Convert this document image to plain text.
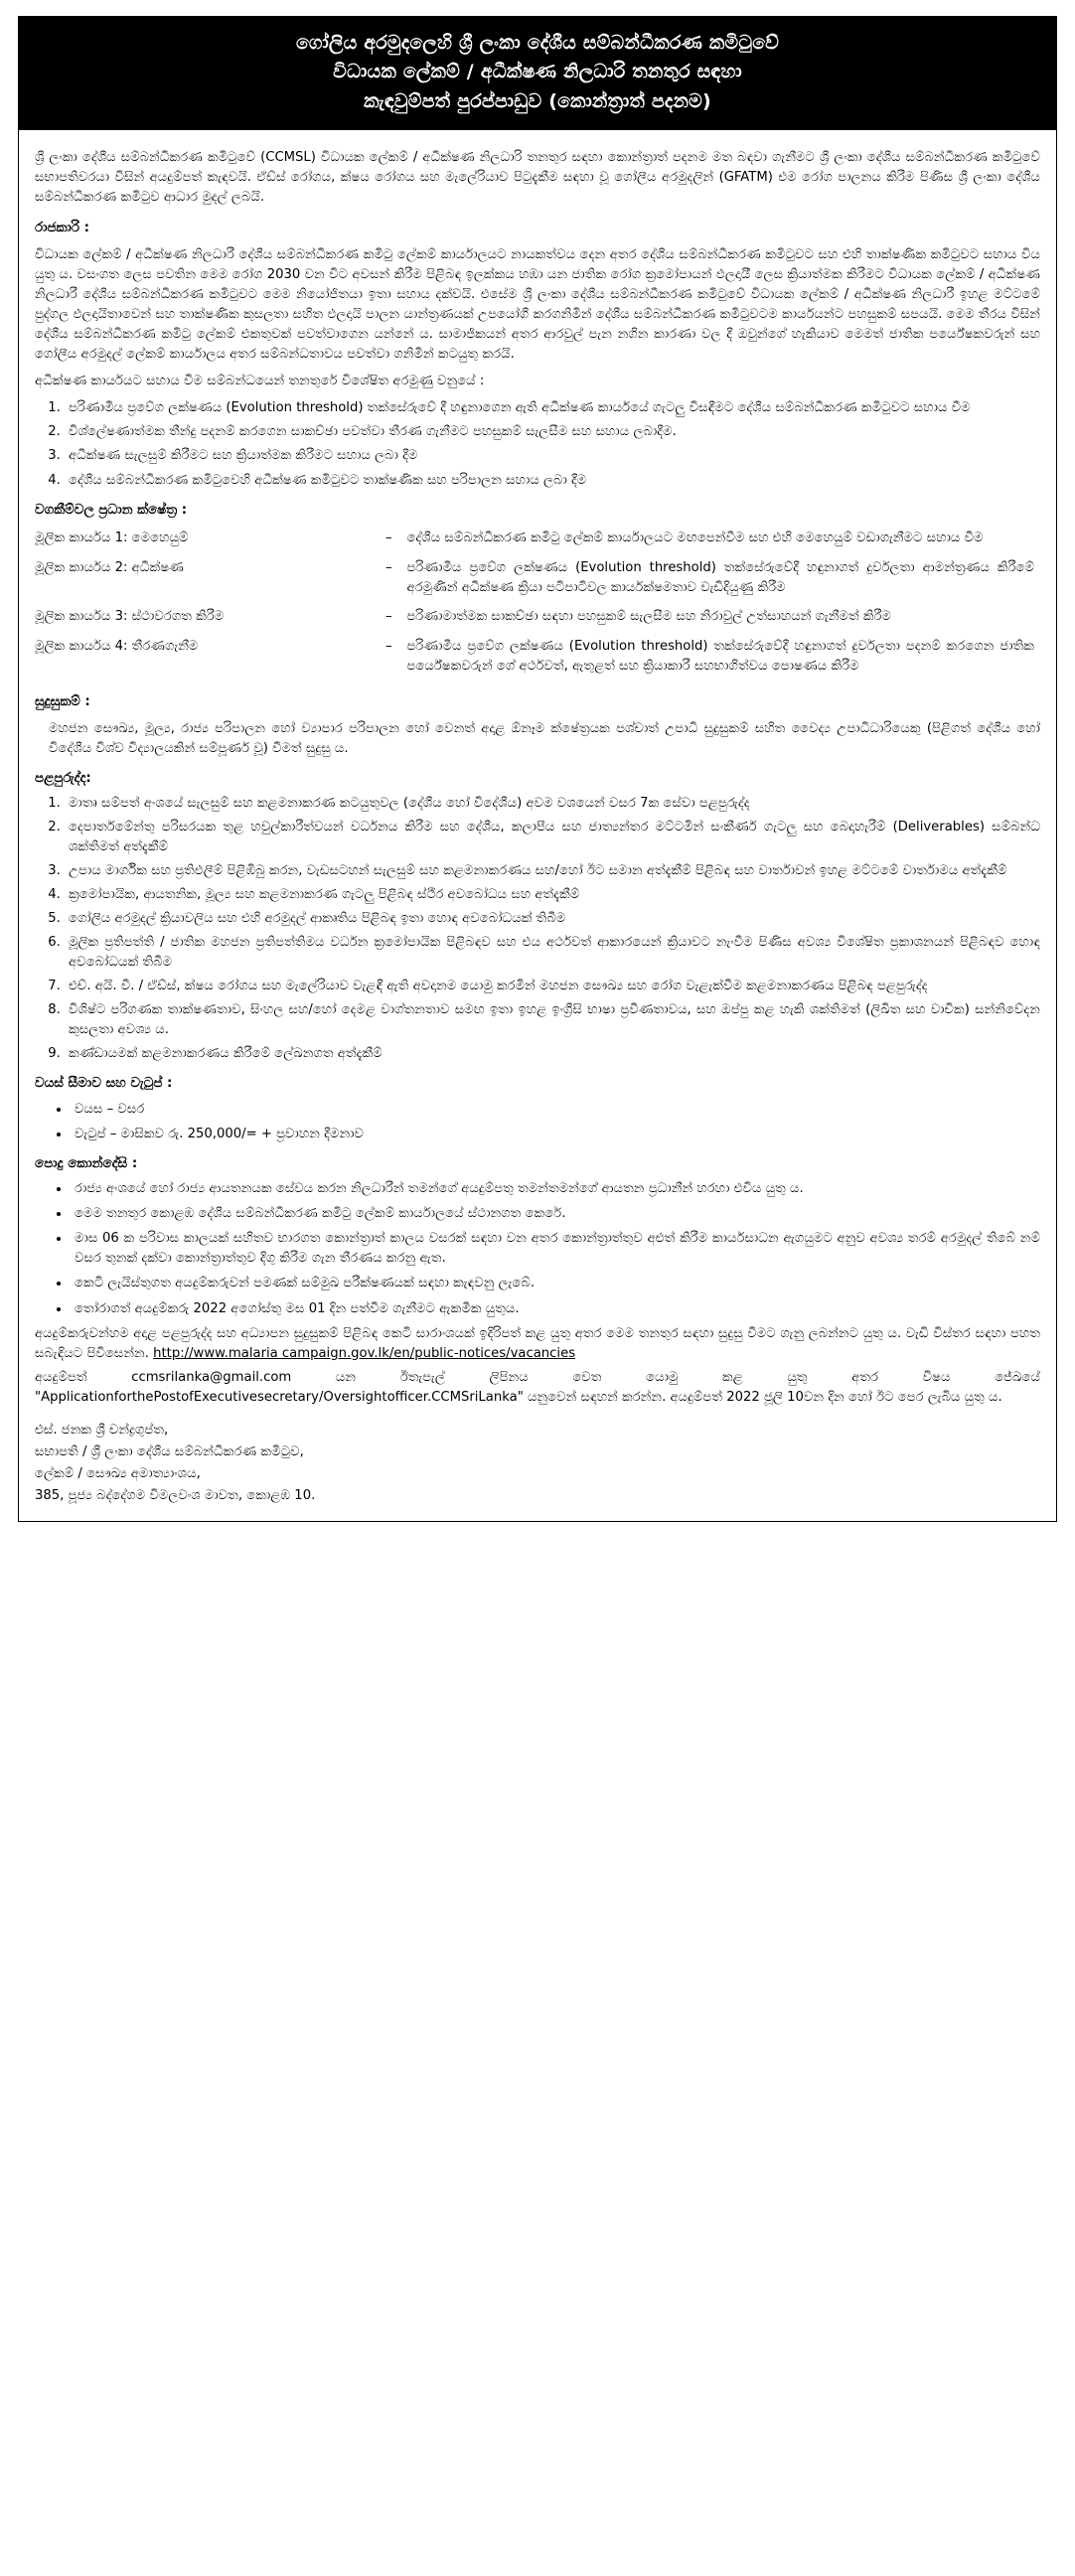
ගෝලිය අරමුදලෙහි ශ්‍රී ලංකා දේශීය සම්බන්ධීකරණ කමිටුවේ
විධායක ලේකම් / අධීක්ෂණ නිලධාරි තනතුර සඳහා
කැඳවුම්පත් පුරප්පාඩුව (කොන්ත්‍රාත් පදනම)

ශ්‍රී ලංකා දේශීය සම්බන්ධීකරණ කමිටුවේ (CCMSL) විධායක ලේකම් / අධීක්ෂණ නිලධාරි තනතුර සඳහා කොන්ත්‍රාත් පදනම මත බඳවා ගැනීමට ශ්‍රී ලංකා දේශීය සම්බන්ධීකරණ කමිටුවේ සභාපතිවරයා විසින් අයදුම්පත් කැඳවයි. ඒඩ්ස් රෝගය, ක්ෂය රෝගය සහ මැලේරියාව පිටුදැකීම සඳහා වූ ගෝලීය අරමුදලින් (GFATM) එම රෝග පාලනය කිරීම පිණිස ශ්‍රී ලංකා දේශීය සම්බන්ධීකරණ කමිටුව ආධාර මුදල් ලබයි.

රාජකාරි :

විධායක ලේකම් / අධීක්ෂණ නිලධාරී දේශීය සම්බන්ධීකරණ කමිටු ලේකම් කාර්යාලයට නායකත්වය දෙන අතර දේශීය සම්බන්ධීකරණ කමිටුවට සහ එහි තාක්ෂණික කමිටුවට සහාය විය යුතු ය. වසංගත ලෙස පවතින මෙම රෝග 2030 වන විට අවසන් කිරීම පිළිබඳ ඉලක්කය හඹා යන ජාතික රෝග ක්‍රමෝපායන් ඵලදායී ලෙස ක්‍රියාත්මක කිරීමට විධායක ලේකම් / අධීක්ෂණ නිලධාරී දේශීය සම්බන්ධීකරණ කමිටුවට මෙම නියෝජිතයා ඉතා සහාය දක්වයි. එසේම ශ්‍රී ලංකා දේශීය සම්බන්ධීකරණ කමිටුවේ විධායක ලේකම් / අධීක්ෂණ නිලධාරී ඉහළ මට්ටමේ පුද්ගල ඵලදායිතාවෙන් සහ තාක්ෂණික කුසලතා සහිත ඵලදායි පාලන යාන්ත්‍රණයක් උපයෝගී කරගනිමින් දේශීය සම්බන්ධීකරණ කමිටුවටම කාර්යයන්ට පහසුකම් සපයයි. මෙම තීරය විසින් දේශීය සම්බන්ධීකරණ කමිටු ලේකම් එකතුවක් පවත්වාගෙන යන්නේ ය. සාමාජිකයන් අතර ආරවුල් පැන නගින කාරණා වල දී ඔවුන්ගේ හැකියාව මෙමත් ජාතික පර්යේෂකවරුන් සහ ගෝලීය අරමුදල් ලේකම් කාර්යාලය අතර සම්බන්ධතාවය පවත්වා ගනිමින් කටයුතු කරයි.

අධීක්ෂණ කාර්යයට සහාය වීම සම්බන්ධයෙන් තනතුරේ විශේෂිත අරමුණු වනුයේ :

1. පරිණාමීය ප්‍රවේග ලක්ෂණය (Evolution threshold) තක්සේරුවේ දී හඳුනාගෙන ඇති අධීක්ෂණ කාර්යයේ ගැටලු විසඳීමට දේශීය සම්බන්ධීකරණ කමිටුවට සහාය වීම
2. විශ්ලේෂණාත්මක තීන්දු පදනම් කරගෙන සාකච්ඡා පවත්වා තීරණ ගැනීමට පහසුකම් සැලසීම සහ සහාය ලබාදීම.
3. අධීක්ෂණ සැලසුම් කිරීමට සහ ක්‍රියාත්මක කිරීමට සහාය ලබා දීම
4. දේශීය සම්බන්ධීකරණ කමිටුවෙහි අධීක්ෂණ කමිටුවට තාක්ෂණික සහ පරිපාලන සහාය ලබා දීම
වගකීම්වල ප්‍රධාන ක්ෂේත්‍ර :
මූලික කාර්යය 1: මෙහෙයුම්	–	දේශීය සම්බන්ධීකරණ කමිටු ලේකම් කාර්යාලයට මඟපෙන්වීම සහ එහි මෙහෙයුම් වඩාගැනීමට සහාය වීම
මූලික කාර්යය 2: අධීක්ෂණ	–	පරිණාමීය ප්‍රවේග ලක්ෂණය (Evolution threshold) තක්සේරුවේදී හඳුනාගත් දුර්වලතා ආමන්ත්‍රණය කිරීමේ අරමුණින් අධීක්ෂණ ක්‍රියා පටිපාටිවල කාර්යක්ෂමතාව වැඩිදියුණු කිරීම
මූලික කාර්යය 3: ස්ථාවරගත කිරීම	–	පරිණාමාත්මක සාකච්ඡා සඳහා පහසුකම් සැලසීම සහ නිරාවුල් උත්සාහයන් ගැනීමත් කිරීම
මූලික කාර්යය 4: තීරණගැනීම	–	පරිණාමීය ප්‍රවේග ලක්ෂණය (Evolution threshold) තක්සේරුවේදී හඳුනාගත් දුර්වලතා පදනම් කරගෙන ජාතික පර්යේෂකවරුන් ගේ අර්ථවත්, ඇතුළත් සහ ක්‍රියාකාරී සහභාගිත්වය පොෂණය කිරීම
සුදුසුකම් :

මහජන සෞඛ්‍ය, මූල්‍ය, රාජ්‍ය පරිපාලන හෝ ව්‍යාපාර පරිපාලන හෝ වෙනත් අදාළ ඕනෑම ක්ෂේත්‍රයක පශ්චාත් උපාධි සුදුසුකම් සහිත වෛද්‍ය උපාධිධාරියෙකු (පිළිගත් දේශීය හෝ විදේශීය විශ්ව විද්‍යාලයකින් සම්පූර්ණ වූ) වීමත් සුදුසු ය.

පළපුරුද්ද:
1. මාතෘ සම්පත් අංශයේ සැලසුම් සහ කළමනාකරණ කටයුතුවල (දේශීය හෝ විදේශීය) අවම වශයෙන් වසර 7ක සේවා පළපුරුද්ද
2. දෙපාර්තමේන්තු පරිසරයක තුළ හවුල්කාරීත්වයන් වර්ධනය කිරීම සහ දේශීය, කලාපීය සහ ජාත්‍යන්තර මට්ටමින් සංකීර්ණ ගැටලු සහ බෙදාහැරීම් (Deliverables) සම්බන්ධ ශක්තිමත් අත්දැකීම්
3. උපාය මාර්ගික සහ ප්‍රතිඵලීම් පිළිඹිබු කරන, වැඩසටහන් සැලසුම් සහ කළමනාකරණය සහ/හෝ ඊට සමාන අත්දැකීම් පිළිබඳ සහ වාර්තාවන් ඉහළ මට්ටමේ වාර්තාමය අත්දැකීම්
4. ක්‍රමෝපායික, ආයතනික, මූල්‍ය සහ කළමනාකරණ ගැටලු පිළිබඳ ස්ථීර අවබෝධය සහ අත්දැකීම්
5. ගෝලීය අරමුදල් ක්‍රියාවලිය සහ එහි අරමුදල් ආකෘතිය පිළිබඳ ඉතා හොඳ අවබෝධයක් තිබීම
6. මූලික ප්‍රතිපත්ති / ජාතික මහජන ප්‍රතිපත්තිමය වර්ධන ක්‍රමෝපායික පිළිබඳව සහ එය අර්ථවත් ආකාරයෙන් ක්‍රියාවට නැංවීම පිණිස අවශ්‍ය විශේෂිත ප්‍රකාශනයන් පිළිබඳව හොඳ අවබෝධයක් තිබීම
7. එච්. අයි. වී. / ඒඩ්ස්, ක්ෂය රෝගය සහ මැලේරියාව වැළඳී ඇති අවදානම යොමු කරමින් මහජන සෞඛ්‍ය සහ රෝග වැළැක්වීම කළමනාකරණය පිළිබඳ පළපුරුද්ද
8. විශිෂ්ට පරිගණක තාක්ෂණතාව, සිංහල සහ/හෝ දෙමළ වාග්තනතාව සමඟ ඉතා ඉහළ ඉංග්‍රීසි භාෂා ප්‍රවීණතාවය, සහ ඔප්පු කළ හැකි ශක්තිමත් (ලිඛිත සහ වාචික) සන්නිවේදන කුසලතා අවශ්‍ය ය.
9. කණ්ඩායමක් කළමනාකරණය කිරීමේ ලේඛනගත අත්දැකීම්
වයස් සීමාව සහ වැටුප් :
• වයස – වසර
• වැටුප් – මාසිකව රු. 250,000/= + ප්‍රවාහන දීමනාව
පොදු කොන්දේසි :
• රාජ්‍ය අංශයේ හෝ රාජ්‍ය ආයතනයක සේවය කරන නිලධාරීන් තමන්ගේ අයදුම්පතු තමන්තමන්ගේ ආයතන ප්‍රධානීන් හරහා එවිය යුතු ය.
• මෙම තනතුර කොළඹ දේශීය සම්බන්ධීකරණ කමිටු ලේකම් කාර්යාලයේ ස්ථානගත කෙරේ.
• මාස 06 ක පරිවාස කාලයක් සහිතව භාරගත කොන්ත්‍රාත් කාලය වසරක් සඳහා වන අතර කොන්ත්‍රාත්තුව අළුත් කිරීම කාර්යසාධන ඇගයුමට අනුව අවශ්‍ය තරම් අරමුදල් තිබේ නම් වසර තුනක් දක්වා කොන්ත්‍රාත්තුව දිගු කිරීම ගැන තීරණය කරනු ඇත.
• කෙටි ලැයිස්තුගත අයදුම්කරුවන් පමණක් සම්මුඛ පරීක්ෂණයක් සඳහා කැඳවනු ලැබේ.
• තෝරාගත් අයදුම්කරු 2022 අගෝස්තු මස 01 දින පත්වීම ගැනීමට ඇකමීක යුතුය.

අයදුම්කරුවන්හම අදාළ පළපුරුද්ද සහ අධ්‍යාපන සුදුසුකම් පිළිබඳ කෙටි සාරාංශයක් ඉදිරිපත් කළ යුතු අතර මෙම තනතුර සඳහා සුදුසු වීමට ගැනු ලබන්නට යුතු ය. වැඩි විස්තර සඳහා පහත සබැඳියට පිවිසෙන්න. http://www.malaria campaign.gov.lk/en/public-notices/vacancies

අයදුම්පත් ccmsrilanka@gmail.com යන ඊතැපැල් ලිපිනය වෙත යොමු කළ යුතු අතර විෂය ජේඛයේ "ApplicationforthePostofExecutivesecretary/Oversightofficer.CCMSriLanka" යනුවෙන් සඳහන් කරන්න. අයදුම්පත් 2022 ජූලි 10වන දින හෝ ඊට පෙර ලැබිය යුතු ය.

එස්. ජනක ශ්‍රී චන්ද්‍රගුප්ත,
සභාපති / ශ්‍රී ලංකා දේශීය සම්බන්ධීකරණ කමිටුව,
ලේකම් / සෞඛ්‍ය අමාත්‍යාංශය,
385, පූජ්‍ය බද්දේගම විමලවංශ මාවත, කොළඹ 10.
